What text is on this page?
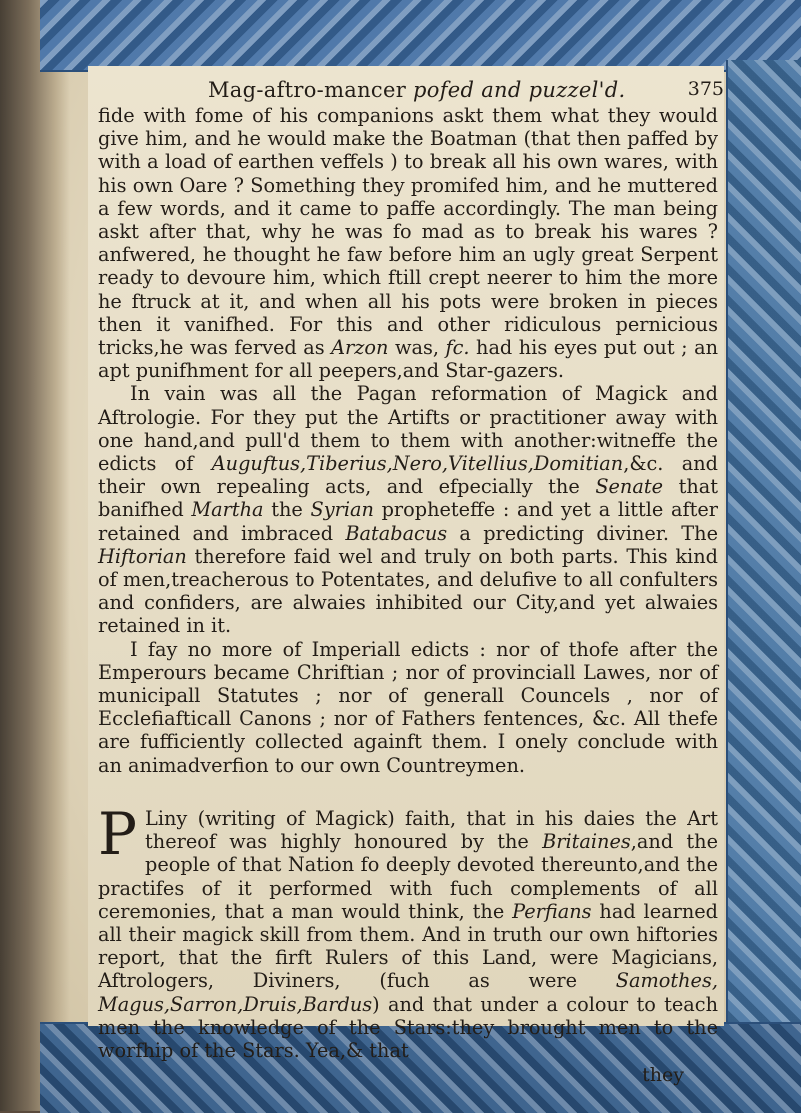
Mag-aftro-mancer pofed and puzzel'd.	375

fide with fome of his companions askt them what they would give him, and he would make the Boatman (that then paffed by with a load of earthen veffels ) to break all his own wares, with his own Oare ? Something they promifed him, and he muttered a few words, and it came to paffe accordingly. The man being askt after that, why he was fo mad as to break his wares ? anfwered, he thought he faw before him an ugly great Serpent ready to devoure him, which ftill crept neerer to him the more he ftruck at it, and when all his pots were broken in pieces then it vanifhed. For this and other ridiculous pernicious tricks,he was ferved as Arzon was, fc. had his eyes put out ; an apt punifhment for all peepers,and Star-gazers.

In vain was all the Pagan reformation of Magick and Aftrologie. For they put the Artifts or practitioner away with one hand,and pull'd them to them with another:witneffe the edicts of Auguftus,Tiberius,Nero,Vitellius,Domitian,&c. and their own repealing acts, and efpecially the Senate that banifhed Martha the Syrian propheteffe : and yet a little after retained and imbraced Batabacus a predicting diviner. The Hiftorian therefore faid wel and truly on both parts. This kind of men,treacherous to Potentates, and delufive to all confulters and confiders, are alwaies inhibited our City,and yet alwaies retained in it.

I fay no more of Imperiall edicts : nor of thofe after the Emperours became Chriftian ; nor of provinciall Lawes, nor of municipall Statutes ; nor of generall Councels , nor of Ecclefiafticall Canons ; nor of Fathers fentences, &c. All thefe are fufficiently collected againft them. I onely conclude with an animadverfion to our own Countreymen.

P Liny (writing of Magick) faith, that in his daies the Art thereof was highly honoured by the Britaines,and the people of that Nation fo deeply devoted thereunto,and the practifes of it performed with fuch complements of all ceremonies, that a man would think, the Perfians had learned all their magick skill from them. And in truth our own hiftories report, that the firft Rulers of this Land, were Magicians, Aftrologers, Diviners, (fuch as were Samothes, Magus,Sarron,Druis,Bardus) and that under a colour to teach men the knowledge of the Stars:they brought men to the worfhip of the Stars. Yea,& that

they
